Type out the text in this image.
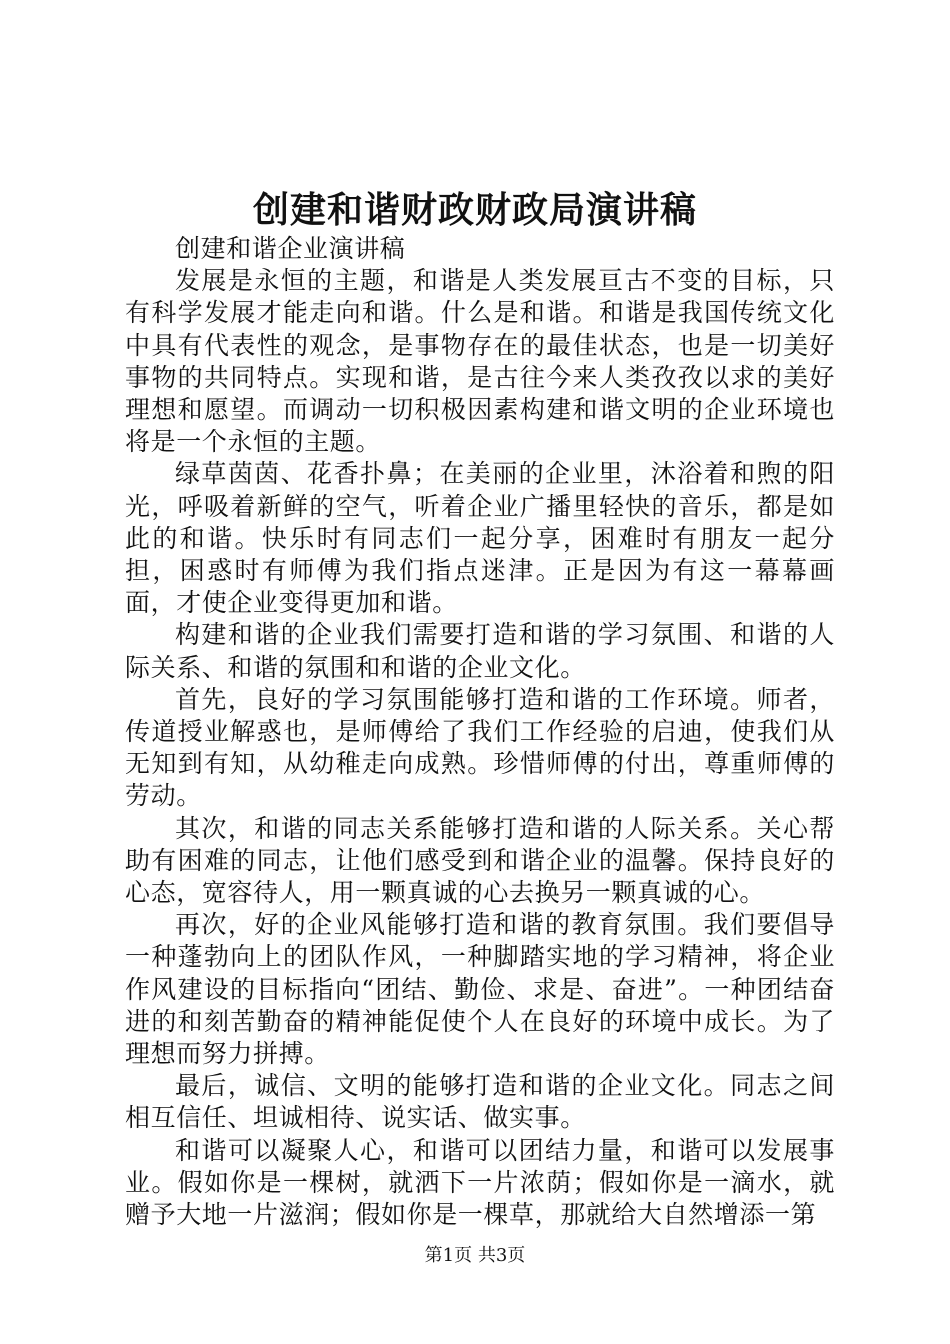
创建和谐财政财政局演讲稿

创建和谐企业演讲稿

发展是永恒的主题，和谐是人类发展亘古不变的目标，只有科学发展才能走向和谐。什么是和谐。和谐是我国传统文化中具有代表性的观念，是事物存在的最佳状态，也是一切美好事物的共同特点。实现和谐，是古往今来人类孜孜以求的美好理想和愿望。而调动一切积极因素构建和谐文明的企业环境也将是一个永恒的主题。

绿草茵茵、花香扑鼻；在美丽的企业里，沐浴着和煦的阳光，呼吸着新鲜的空气，听着企业广播里轻快的音乐，都是如此的和谐。快乐时有同志们一起分享，困难时有朋友一起分担，困惑时有师傅为我们指点迷津。正是因为有这一幕幕画面，才使企业变得更加和谐。

构建和谐的企业我们需要打造和谐的学习氛围、和谐的人际关系、和谐的氛围和和谐的企业文化。

首先，良好的学习氛围能够打造和谐的工作环境。师者，传道授业解惑也，是师傅给了我们工作经验的启迪，使我们从无知到有知，从幼稚走向成熟。珍惜师傅的付出，尊重师傅的劳动。

其次，和谐的同志关系能够打造和谐的人际关系。关心帮助有困难的同志，让他们感受到和谐企业的温馨。保持良好的心态，宽容待人，用一颗真诚的心去换另一颗真诚的心。

再次，好的企业风能够打造和谐的教育氛围。我们要倡导一种蓬勃向上的团队作风，一种脚踏实地的学习精神，将企业作风建设的目标指向“团结、勤俭、求是、奋进”。一种团结奋进的和刻苦勤奋的精神能促使个人在良好的环境中成长。为了理想而努力拼搏。

最后，诚信、文明的能够打造和谐的企业文化。同志之间相互信任、坦诚相待、说实话、做实事。

和谐可以凝聚人心，和谐可以团结力量，和谐可以发展事业。假如你是一棵树，就洒下一片浓荫；假如你是一滴水，就赠予大地一片滋润；假如你是一棵草，那就给大自然增添一第

第1页 共3页
